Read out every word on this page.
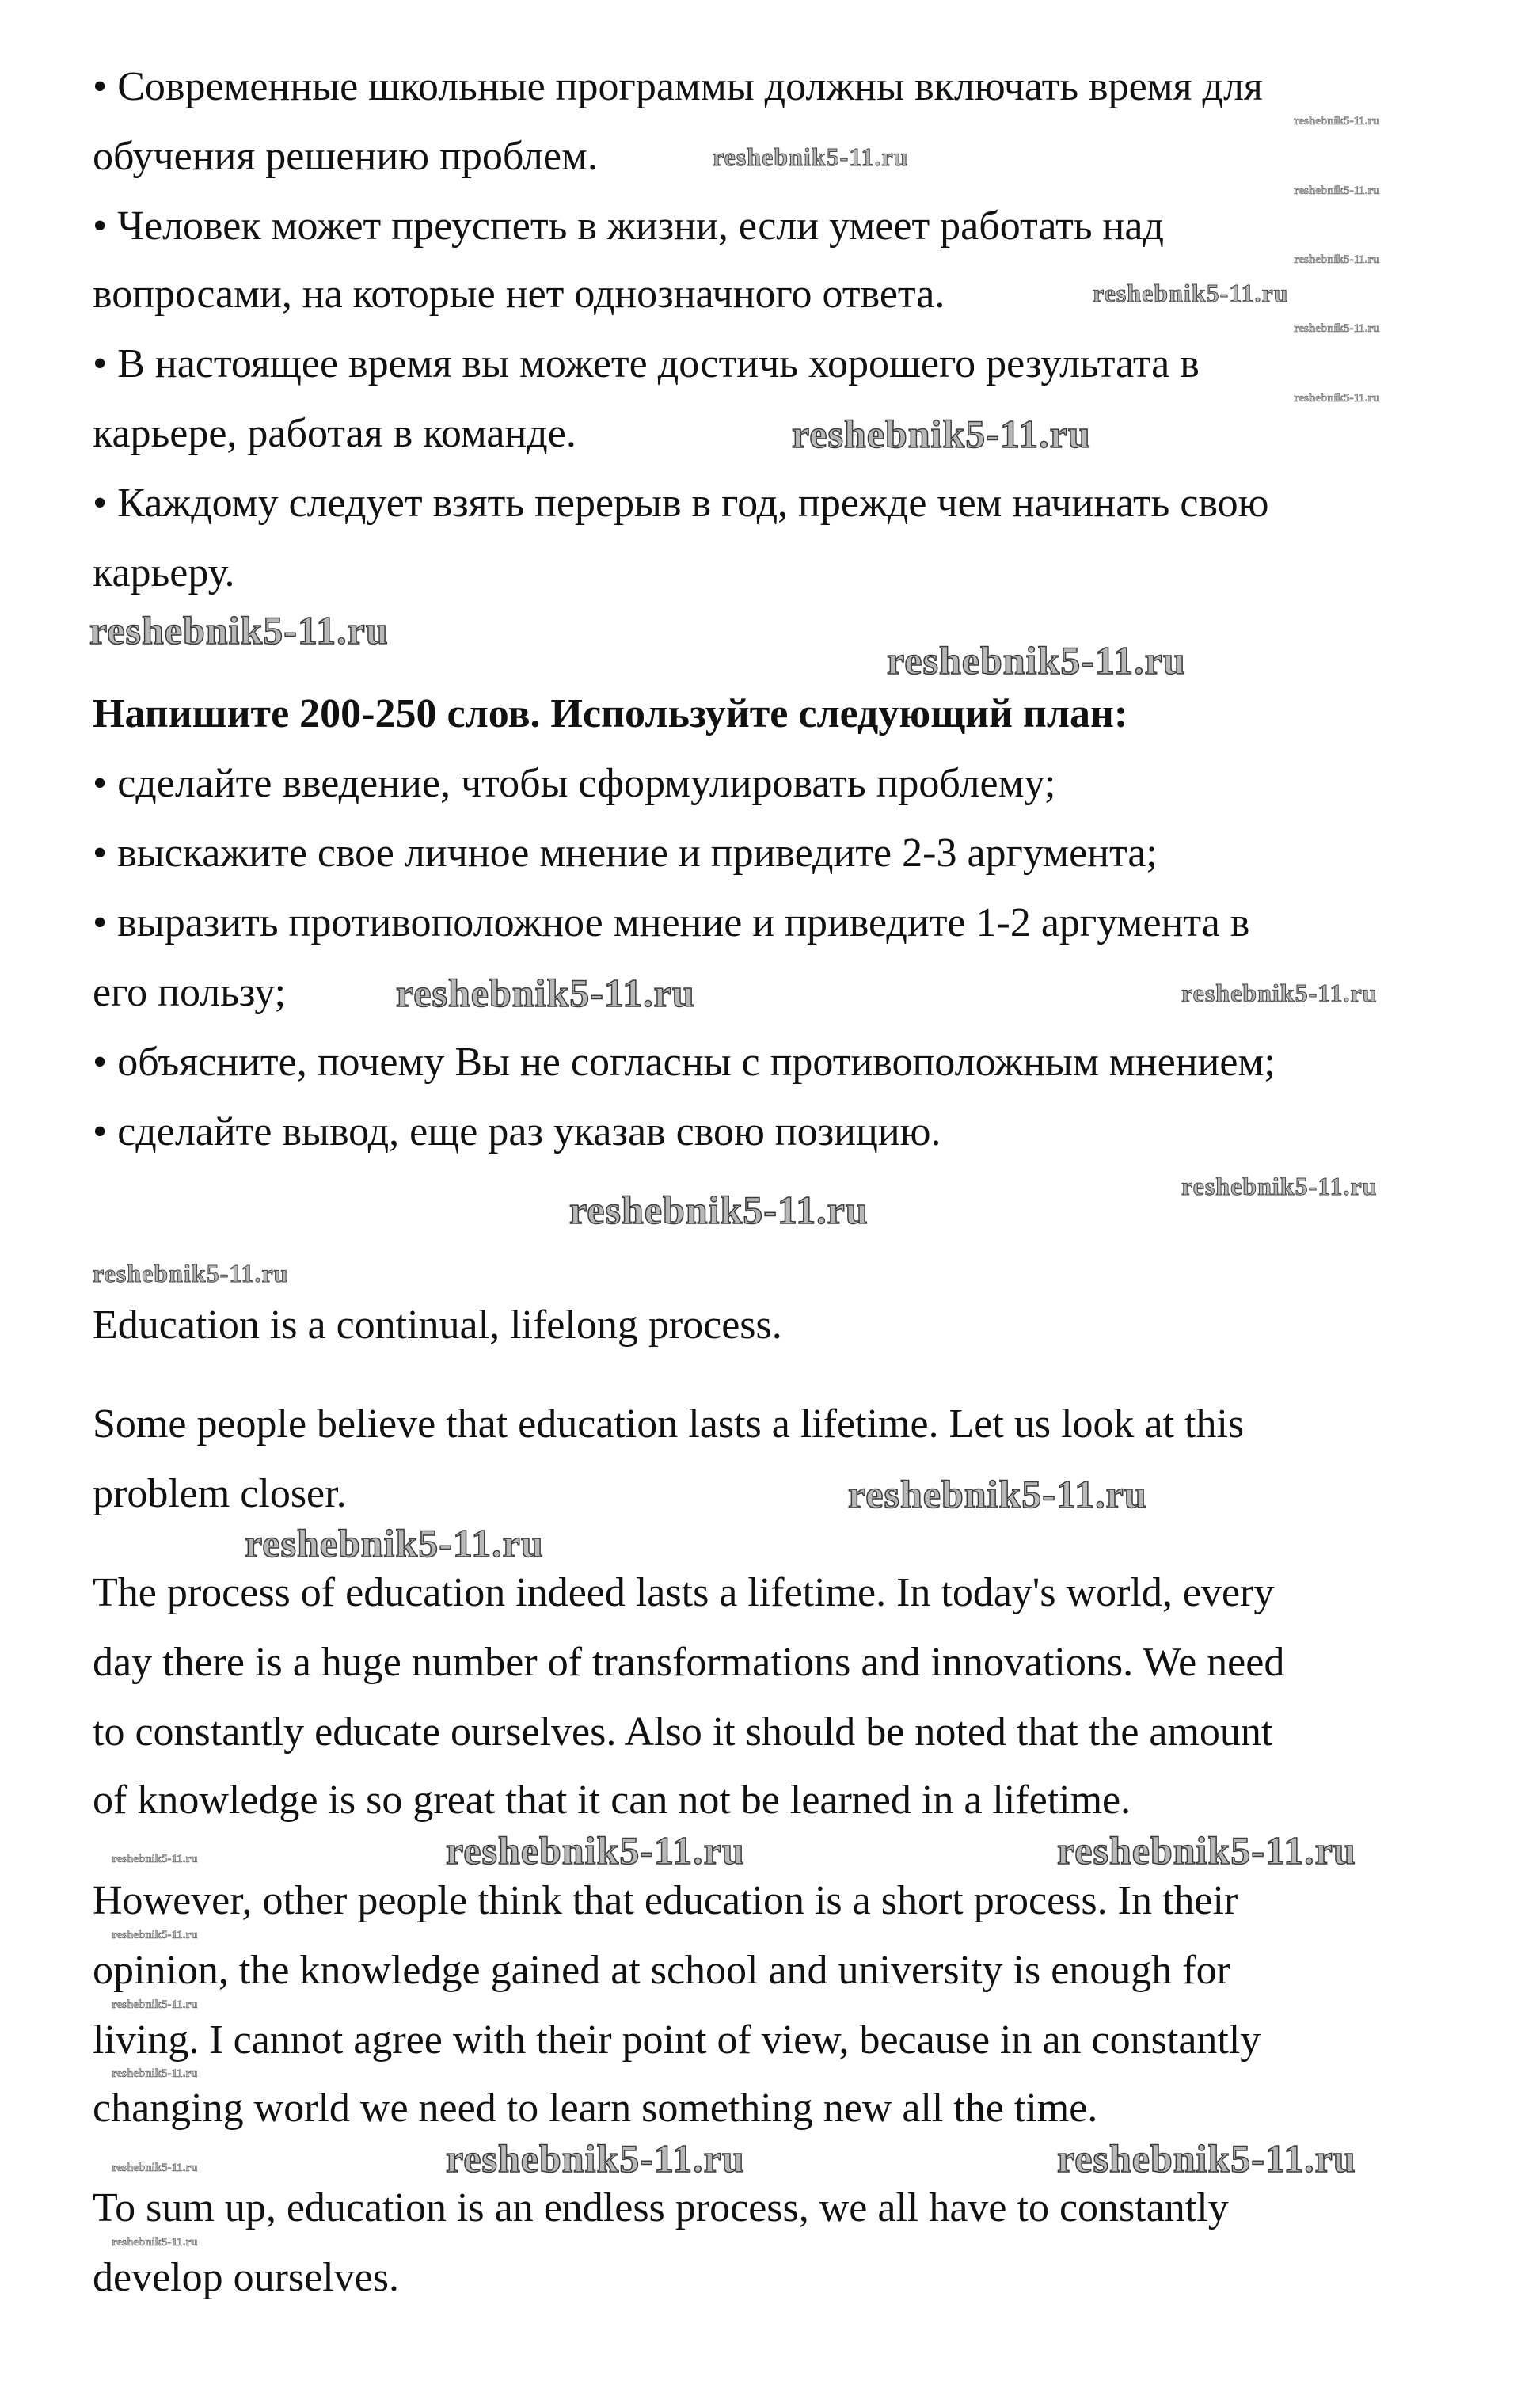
• Современные школьные программы должны включать время для
обучения решению проблем.
• Человек может преуспеть в жизни, если умеет работать над
вопросами, на которые нет однозначного ответа.
• В настоящее время вы можете достичь хорошего результата в
карьере, работая в команде.
• Каждому следует взять перерыв в год, прежде чем начинать свою
карьеру.
Напишите 200-250 слов. Используйте следующий план:
• сделайте введение, чтобы сформулировать проблему;
• выскажите свое личное мнение и приведите 2-3 аргумента;
• выразить противоположное мнение и приведите 1-2 аргумента в
его пользу;
• объясните, почему Вы не согласны с противоположным мнением;
• сделайте вывод, еще раз указав свою позицию.
Education is a continual, lifelong process.
Some people believe that education lasts a lifetime. Let us look at this
problem closer.
The process of education indeed lasts a lifetime. In today's world, every
day there is a huge number of transformations and innovations. We need
to constantly educate ourselves. Also it should be noted that the amount
of knowledge is so great that it can not be learned in a lifetime.
However, other people think that education is a short process. In their
opinion, the knowledge gained at school and university is enough for
living. I cannot agree with their point of view, because in an constantly
changing world we need to learn something new all the time.
To sum up, education is an endless process, we all have to constantly
develop ourselves.
reshebnik5-11.ru
reshebnik5-11.ru
reshebnik5-11.ru
reshebnik5-11.ru
reshebnik5-11.ru
reshebnik5-11.ru
reshebnik5-11.ru
reshebnik5-11.ru
reshebnik5-11.ru
reshebnik5-11.ru
reshebnik5-11.ru	reshebnik5-11.ru
reshebnik5-11.ru
reshebnik5-11.ru
reshebnik5-11.ru
reshebnik5-11.ru
reshebnik5-11.ru
reshebnik5-11.ru	reshebnik5-11.ru
reshebnik5-11.ru	reshebnik5-11.ru
reshebnik5-11.ru
reshebnik5-11.ru
reshebnik5-11.ru
reshebnik5-11.ru
reshebnik5-11.ru
reshebnik5-11.ru
